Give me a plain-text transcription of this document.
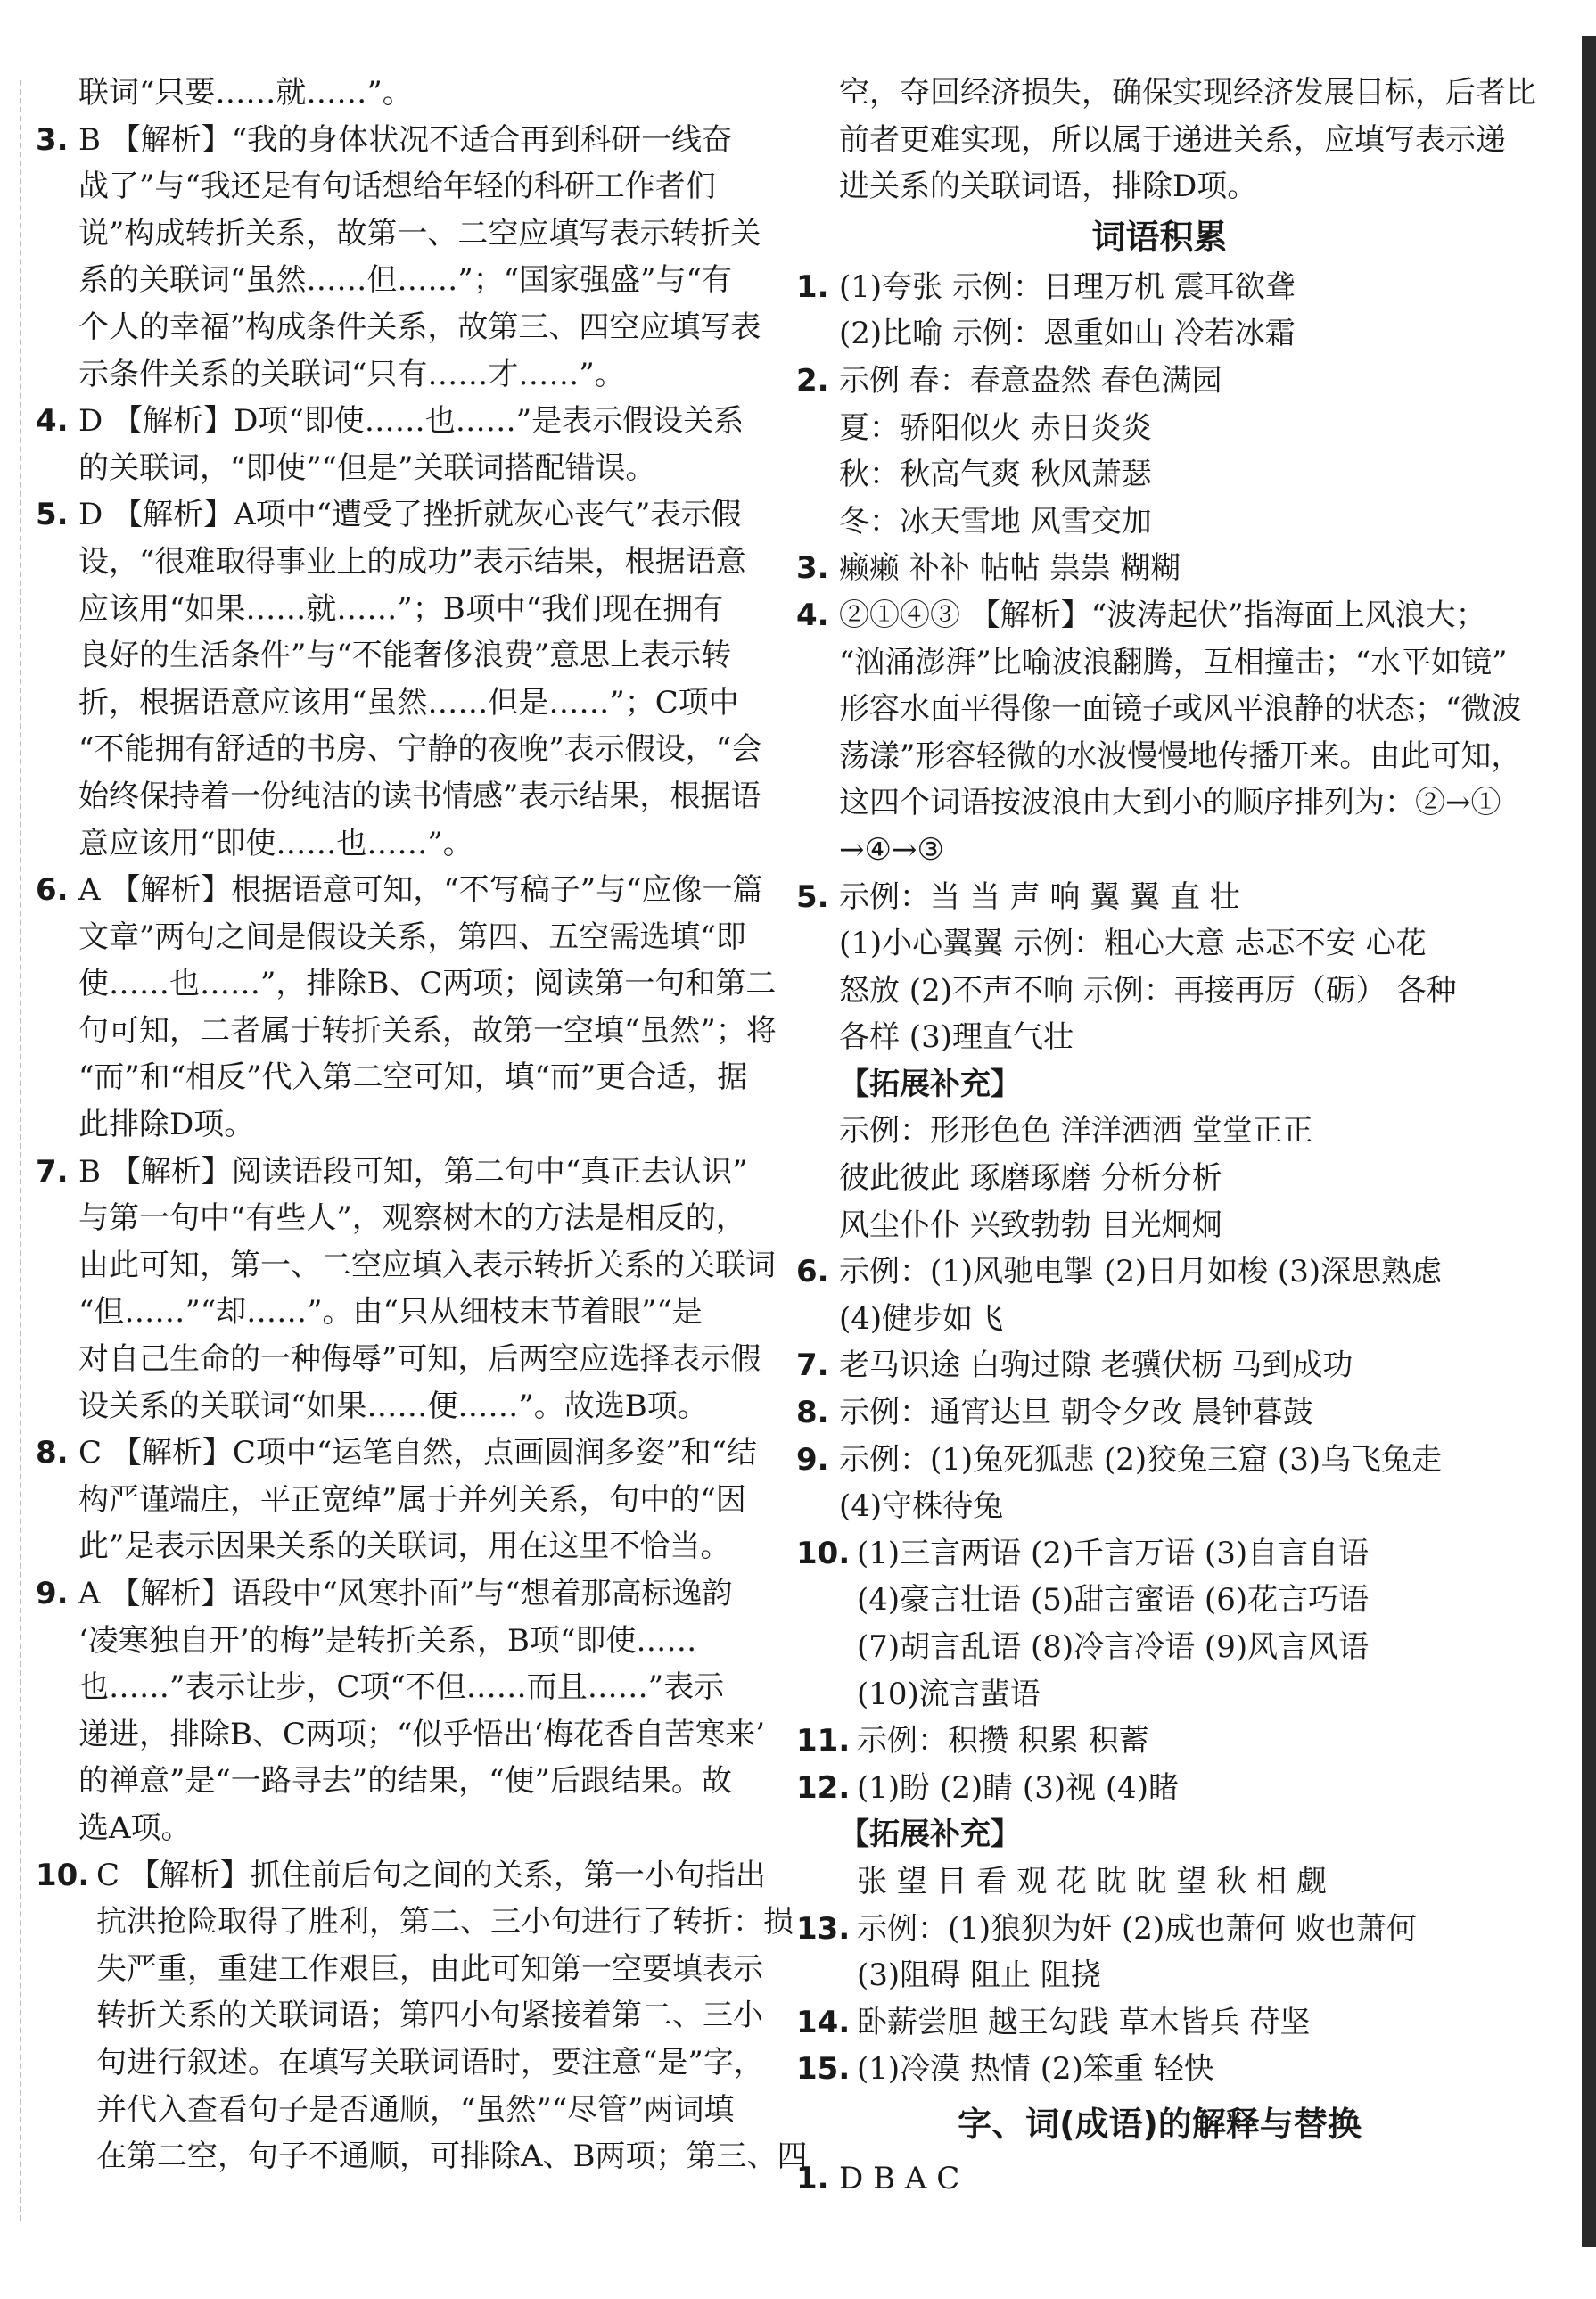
联词“只要……就……”。
3. B 【解析】“我的身体状况不适合再到科研一线奋
战了”与“我还是有句话想给年轻的科研工作者们
说”构成转折关系，故第一、二空应填写表示转折关
系的关联词“虽然……但……”；“国家强盛”与“有
个人的幸福”构成条件关系，故第三、四空应填写表
示条件关系的关联词“只有……才……”。
4. D 【解析】D项“即使……也……”是表示假设关系
的关联词，“即使”“但是”关联词搭配错误。
5. D 【解析】A项中“遭受了挫折就灰心丧气”表示假
设，“很难取得事业上的成功”表示结果，根据语意
应该用“如果……就……”；B项中“我们现在拥有
良好的生活条件”与“不能奢侈浪费”意思上表示转
折，根据语意应该用“虽然……但是……”；C项中
“不能拥有舒适的书房、宁静的夜晚”表示假设，“会
始终保持着一份纯洁的读书情感”表示结果，根据语
意应该用“即使……也……”。
6. A 【解析】根据语意可知，“不写稿子”与“应像一篇
文章”两句之间是假设关系，第四、五空需选填“即
使……也……”，排除B、C两项；阅读第一句和第二
句可知，二者属于转折关系，故第一空填“虽然”；将
“而”和“相反”代入第二空可知，填“而”更合适，据
此排除D项。
7. B 【解析】阅读语段可知，第二句中“真正去认识”
与第一句中“有些人”，观察树木的方法是相反的，
由此可知，第一、二空应填入表示转折关系的关联词
“但……”“却……”。由“只从细枝末节着眼”“是
对自己生命的一种侮辱”可知，后两空应选择表示假
设关系的关联词“如果……便……”。故选B项。
8. C 【解析】C项中“运笔自然，点画圆润多姿”和“结
构严谨端庄，平正宽绰”属于并列关系，句中的“因
此”是表示因果关系的关联词，用在这里不恰当。
9. A 【解析】语段中“风寒扑面”与“想着那高标逸韵
‘凌寒独自开’的梅”是转折关系，B项“即使……
也……”表示让步，C项“不但……而且……”表示
递进，排除B、C两项；“似乎悟出‘梅花香自苦寒来’
的禅意”是“一路寻去”的结果，“便”后跟结果。故
选A项。
10. C 【解析】抓住前后句之间的关系，第一小句指出
抗洪抢险取得了胜利，第二、三小句进行了转折：损
失严重，重建工作艰巨，由此可知第一空要填表示
转折关系的关联词语；第四小句紧接着第二、三小
句进行叙述。在填写关联词语时，要注意“是”字，
并代入查看句子是否通顺，“虽然”“尽管”两词填
在第二空，句子不通顺，可排除A、B两项；第三、四
空，夺回经济损失，确保实现经济发展目标，后者比
前者更难实现，所以属于递进关系，应填写表示递
进关系的关联词语，排除D项。
词语积累
1. (1)夸张 示例：日理万机 震耳欲聋
(2)比喻 示例：恩重如山 冷若冰霜
2. 示例 春：春意盎然 春色满园
夏：骄阳似火 赤日炎炎
秋：秋高气爽 秋风萧瑟
冬：冰天雪地 风雪交加
3. 癞癞 补补 帖帖 祟祟 糊糊
4. ②①④③ 【解析】“波涛起伏”指海面上风浪大；
“汹涌澎湃”比喻波浪翻腾，互相撞击；“水平如镜”
形容水面平得像一面镜子或风平浪静的状态；“微波
荡漾”形容轻微的水波慢慢地传播开来。由此可知，
这四个词语按波浪由大到小的顺序排列为：②→①
→④→③
5. 示例：当 当 声 响 翼 翼 直 壮
(1)小心翼翼 示例：粗心大意 忐忑不安 心花
怒放 (2)不声不响 示例：再接再厉（砺） 各种
各样 (3)理直气壮
【拓展补充】
示例：形形色色 洋洋洒洒 堂堂正正
彼此彼此 琢磨琢磨 分析分析
风尘仆仆 兴致勃勃 目光炯炯
6. 示例：(1)风驰电掣 (2)日月如梭 (3)深思熟虑
(4)健步如飞
7. 老马识途 白驹过隙 老骥伏枥 马到成功
8. 示例：通宵达旦 朝令夕改 晨钟暮鼓
9. 示例：(1)兔死狐悲 (2)狡兔三窟 (3)乌飞兔走
(4)守株待兔
10. (1)三言两语 (2)千言万语 (3)自言自语
(4)豪言壮语 (5)甜言蜜语 (6)花言巧语
(7)胡言乱语 (8)冷言冷语 (9)风言风语
(10)流言蜚语
11. 示例：积攒 积累 积蓄
12. (1)盼 (2)睛 (3)视 (4)睹
【拓展补充】
张 望 目 看 观 花 眈 眈 望 秋 相 觑
13. 示例：(1)狼狈为奸 (2)成也萧何 败也萧何
(3)阻碍 阻止 阻挠
14. 卧薪尝胆 越王勾践 草木皆兵 苻坚
15. (1)冷漠 热情 (2)笨重 轻快
字、词(成语)的解释与替换
1. D B A C
